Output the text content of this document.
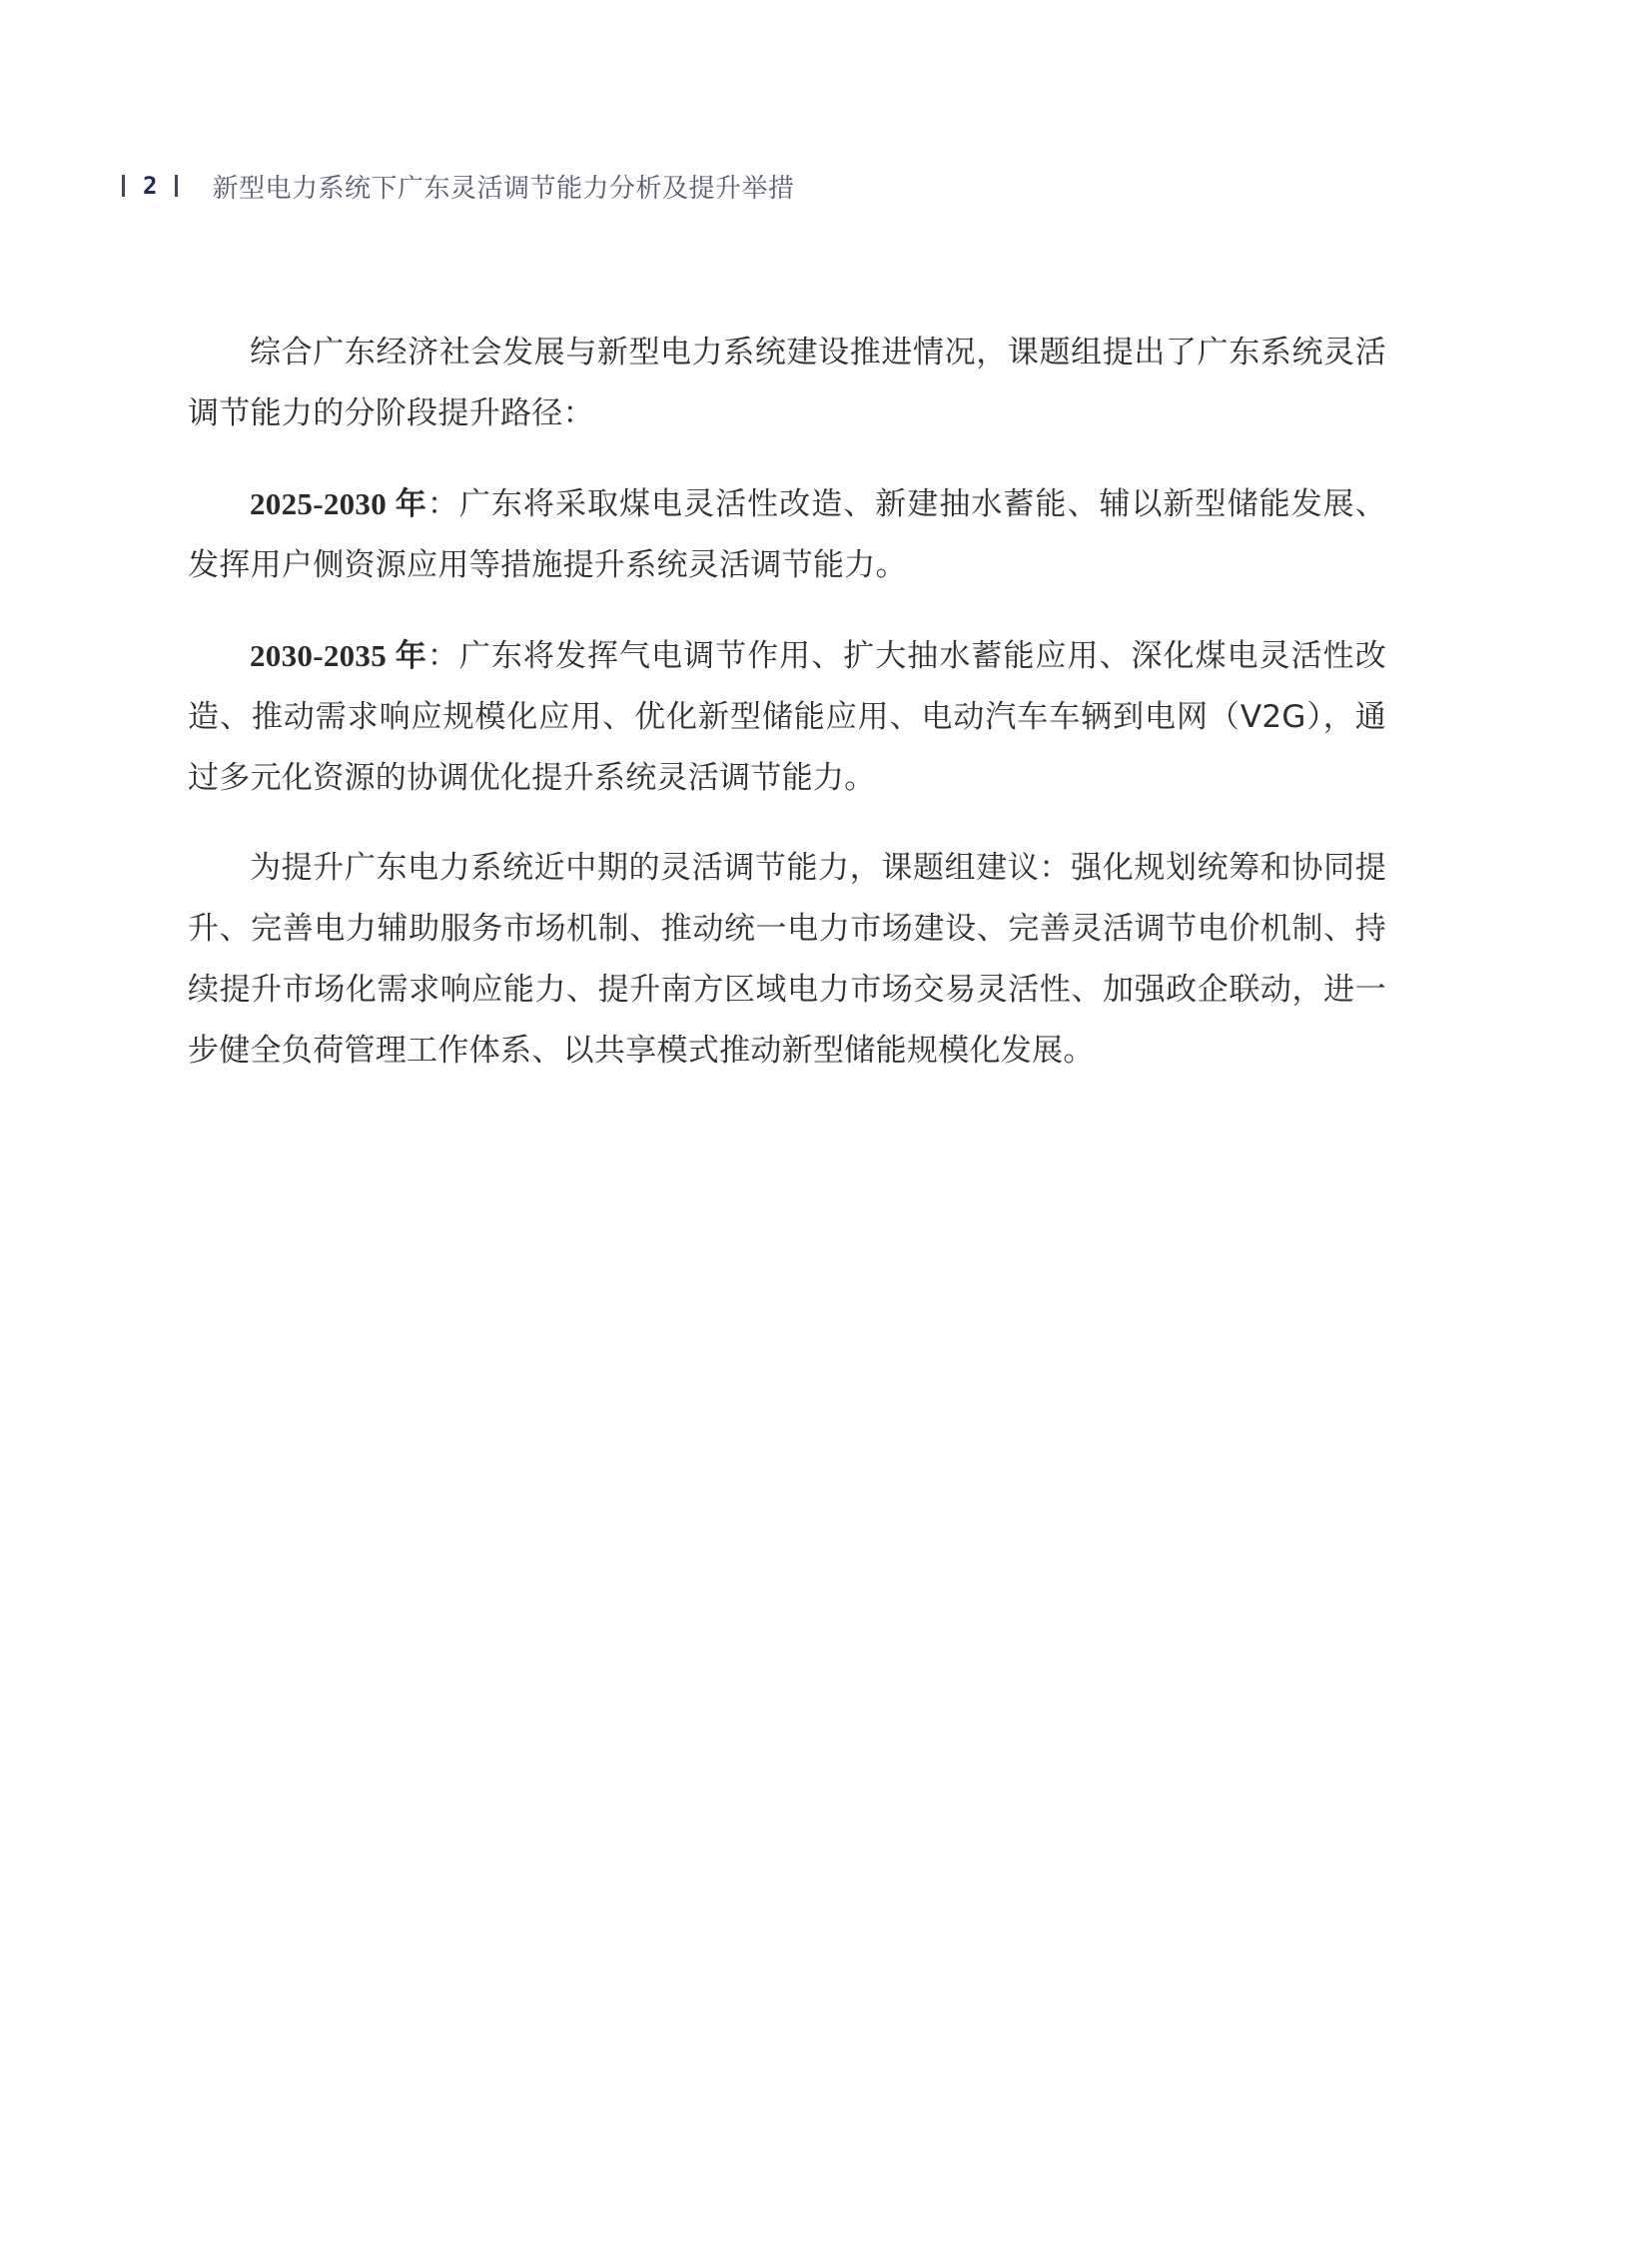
2 新型电力系统下广东灵活调节能力分析及提升举措

综合广东经济社会发展与新型电力系统建设推进情况，课题组提出了广东系统灵活调节能力的分阶段提升路径：

2025-2030 年：广东将采取煤电灵活性改造、新建抽水蓄能、辅以新型储能发展、发挥用户侧资源应用等措施提升系统灵活调节能力。

2030-2035 年：广东将发挥气电调节作用、扩大抽水蓄能应用、深化煤电灵活性改造、推动需求响应规模化应用、优化新型储能应用、电动汽车车辆到电网（V2G），通过多元化资源的协调优化提升系统灵活调节能力。

为提升广东电力系统近中期的灵活调节能力，课题组建议：强化规划统筹和协同提升、完善电力辅助服务市场机制、推动统一电力市场建设、完善灵活调节电价机制、持续提升市场化需求响应能力、提升南方区域电力市场交易灵活性、加强政企联动，进一步健全负荷管理工作体系、以共享模式推动新型储能规模化发展。
